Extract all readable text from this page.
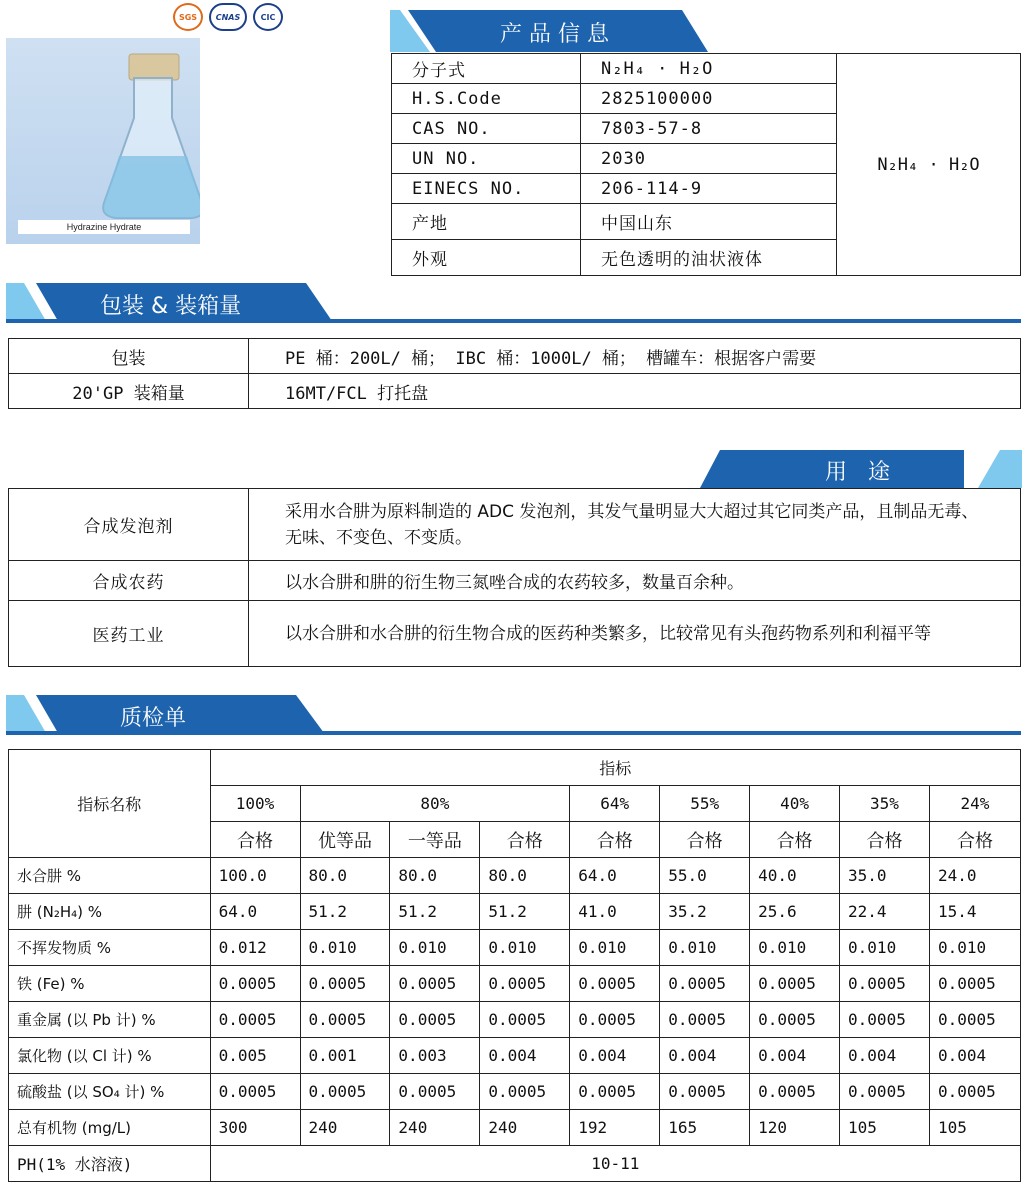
SGS	CNAS	CIC
Hydrazine Hydrate
产 品 信 息
分子式	N₂H₄ · H₂O	N₂H₄ · H₂O
H.S.Code	2825100000	
CAS NO.	7803-57-8	
UN NO.	2030	
EINECS NO.	206-114-9	
产地	中国山东	
外观	无色透明的油状液体	
包装 & 装箱量
包装	PE 桶：200L/ 桶； IBC 桶：1000L/ 桶； 槽罐车：根据客户需要
20'GP 装箱量	16MT/FCL 打托盘
用   途
合成发泡剂	采用水合肼为原料制造的 ADC 发泡剂，其发气量明显大大超过其它同类产品，且制品无毒、无味、不变色、不变质。
合成农药	以水合肼和肼的衍生物三氮唑合成的农药较多，数量百余种。
医药工业	以水合肼和水合肼的衍生物合成的医药种类繁多，比较常见有头孢药物系列和利福平等
质检单
指标名称	指标								
	100%	80%			64%	55%	40%	35%	24%
	合格	优等品	一等品	合格	合格	合格	合格	合格	合格
水合肼 %	100.0	80.0	80.0	80.0	64.0	55.0	40.0	35.0	24.0
肼 (N₂H₄) %	64.0	51.2	51.2	51.2	41.0	35.2	25.6	22.4	15.4
不挥发物质 %	0.012	0.010	0.010	0.010	0.010	0.010	0.010	0.010	0.010
铁 (Fe) %	0.0005	0.0005	0.0005	0.0005	0.0005	0.0005	0.0005	0.0005	0.0005
重金属 (以 Pb 计) %	0.0005	0.0005	0.0005	0.0005	0.0005	0.0005	0.0005	0.0005	0.0005
氯化物 (以 Cl 计) %	0.005	0.001	0.003	0.004	0.004	0.004	0.004	0.004	0.004
硫酸盐 (以 SO₄ 计) %	0.0005	0.0005	0.0005	0.0005	0.0005	0.0005	0.0005	0.0005	0.0005
总有机物 (mg/L)	300	240	240	240	192	165	120	105	105
PH(1% 水溶液)	10-11								
